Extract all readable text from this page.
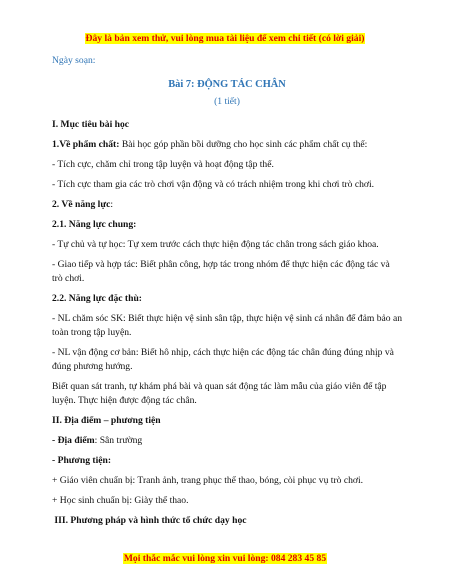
Đây là bản xem thử, vui lòng mua tài liệu để xem chi tiết (có lời giải)
Ngày soạn:
Bài 7: ĐỘNG TÁC CHÂN
(1 tiết)
I. Mục tiêu bài học
1.Về phẩm chất: Bài học góp phần bồi dưỡng cho học sinh các phẩm chất cụ thể:
- Tích cực, chăm chỉ trong tập luyện và hoạt động tập thể.
- Tích cực tham gia các trò chơi vận động và có trách nhiệm trong khi chơi trò chơi.
2. Về năng lực:
2.1. Năng lực chung:
- Tự chủ và tự học: Tự xem trước cách thực hiện động tác chân trong sách giáo khoa.
- Giao tiếp và hợp tác: Biết phân công, hợp tác trong nhóm để thực hiện các động tác và trò chơi.
2.2. Năng lực đặc thù:
- NL chăm sóc SK: Biết thực hiện vệ sinh sân tập, thực hiện vệ sinh cá nhân để đảm bảo an toàn trong tập luyện.
- NL vận động cơ bản: Biết hô nhịp, cách thực hiện các động tác chân đúng đúng nhịp và đúng phương hướng.
Biết quan sát tranh, tự khám phá bài và quan sát động tác làm mẫu của giáo viên để tập luyện. Thực hiện được động tác chân.
II. Địa điểm – phương tiện
- Địa điểm: Sân trường
- Phương tiện:
+ Giáo viên chuẩn bị: Tranh ảnh, trang phục thể thao, bóng, còi phục vụ trò chơi.
+ Học sinh chuẩn bị: Giày thể thao.
III. Phương pháp và hình thức tổ chức dạy học
Mọi thắc mắc vui lòng xin vui lòng: 084 283 45 85
